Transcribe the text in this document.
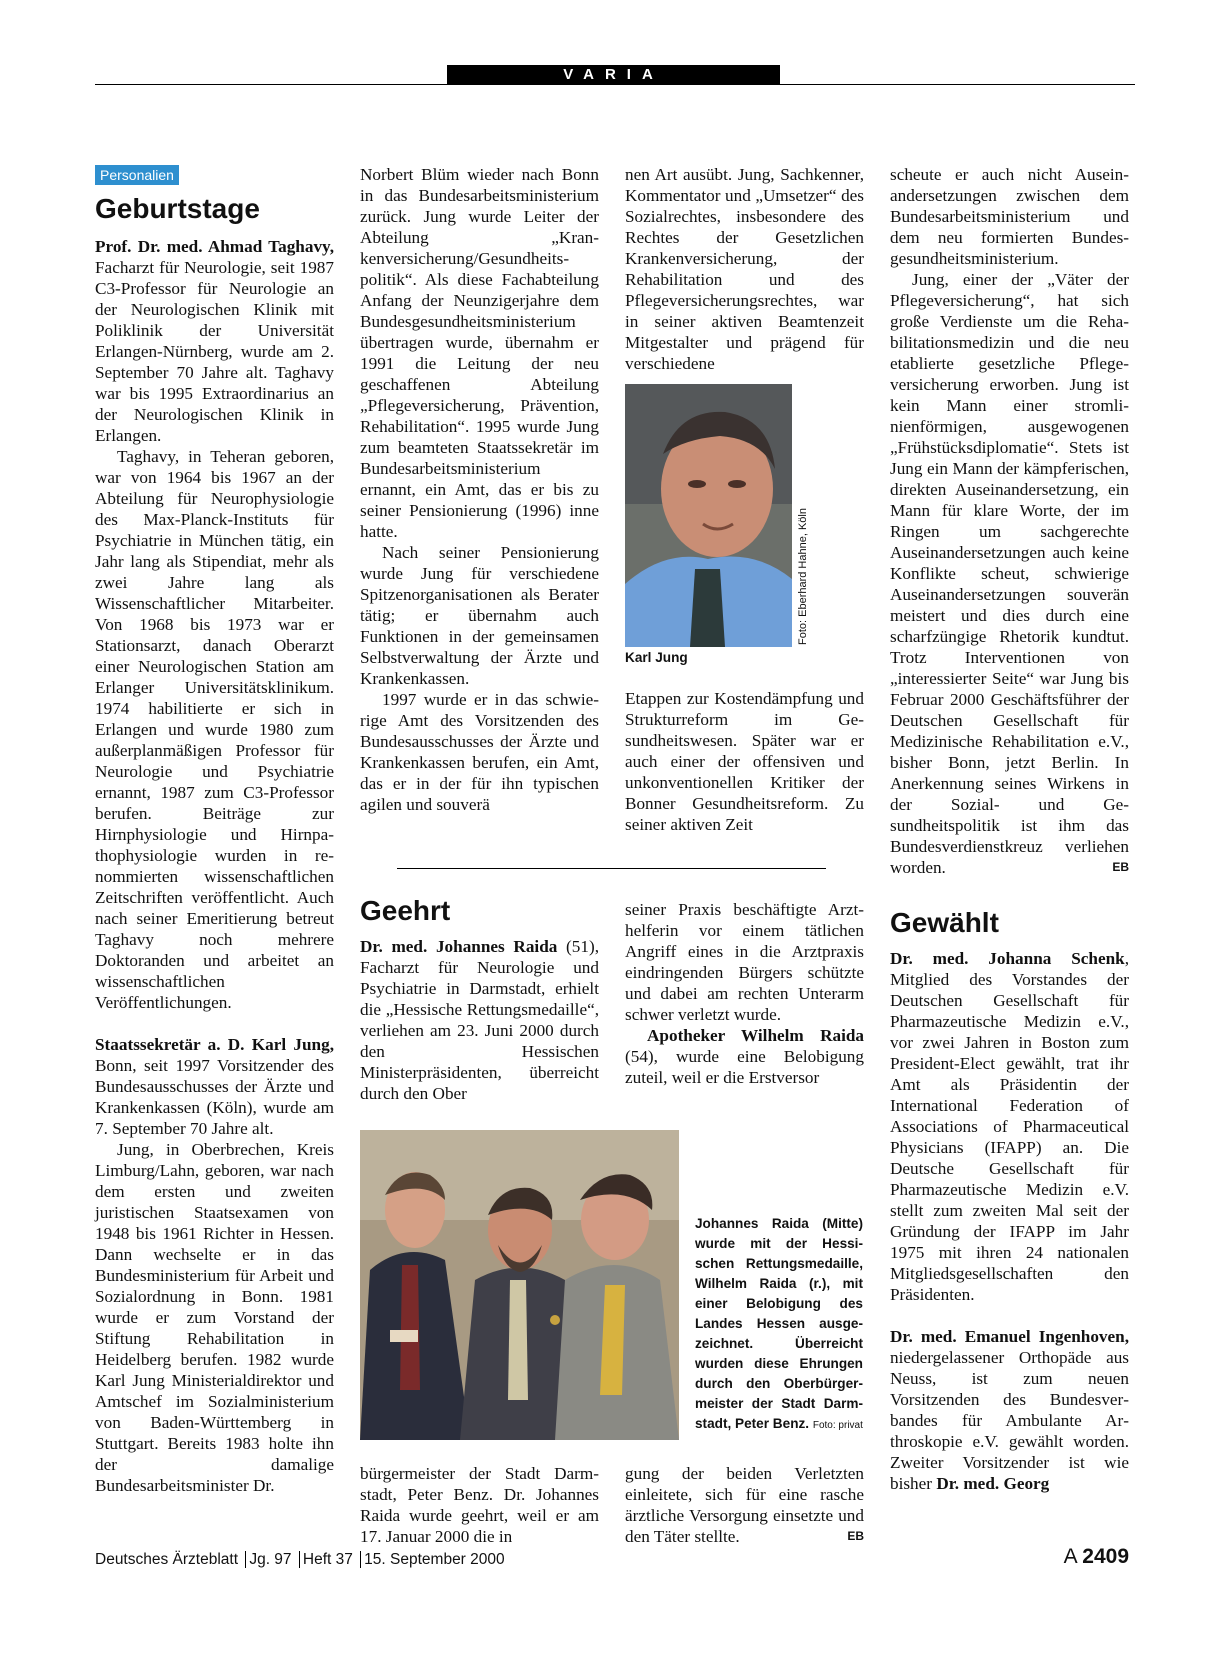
VARIA
Personalien
Geburtstage

Prof. Dr. med. Ahmad Taghavy, Facharzt für Neurologie, seit 1987 C3-Professor für Neurologie an der Neurologischen Klinik mit Poliklinik der Universität Erlangen-Nürnberg, wurde am 2. September 70 Jahre alt. Taghavy war bis 1995 Extraordinarius an der Neurologischen Klinik in Erlangen.

Taghavy, in Teheran geboren, war von 1964 bis 1967 an der Abteilung für Neurophysiologie des Max-Planck-Instituts für Psychiatrie in München tätig, ein Jahr lang als Stipendiat, mehr als zwei Jahre lang als Wissenschaftlicher Mitarbeiter. Von 1968 bis 1973 war er Stationsarzt, danach Oberarzt einer Neurologischen Station am Erlanger Universitätsklinikum. 1974 habilitierte er sich in Erlangen und wurde 1980 zum außerplanmäßigen Professor für Neurologie und Psychiatrie ernannt, 1987 zum C3-Professor berufen. Beiträge zur Hirnphysiologie und Hirnpathophysiologie wurden in renommierten wissenschaftlichen Zeitschriften veröffentlicht. Auch nach seiner Emeritierung betreut Taghavy noch mehrere Doktoranden und arbeitet an wissenschaftlichen Veröffentlichungen.

Staatssekretär a. D. Karl Jung, Bonn, seit 1997 Vorsitzender des Bundesausschusses der Ärzte und Krankenkassen (Köln), wurde am 7. September 70 Jahre alt.

Jung, in Oberbrechen, Kreis Limburg/Lahn, geboren, war nach dem ersten und zweiten juristischen Staatsexamen von 1948 bis 1961 Richter in Hessen. Dann wechselte er in das Bundesministerium für Arbeit und Sozialordnung in Bonn. 1981 wurde er zum Vorstand der Stiftung Rehabilitation in Heidelberg berufen. 1982 wurde Karl Jung Ministerialdirektor und Amtschef im Sozialministerium von Baden-Württemberg in Stuttgart. Bereits 1983 holte ihn der damalige Bundesarbeitsminister Dr.

Norbert Blüm wieder nach Bonn in das Bundesarbeitsministerium zurück. Jung wurde Leiter der Abteilung „Krankenversicherung/Gesundheitspolitik“. Als diese Fachabteilung Anfang der Neunzigerjahre dem Bundesgesundheitsministerium übertragen wurde, übernahm er 1991 die Leitung der neu geschaffenen Abteilung „Pflegeversicherung, Prävention, Rehabilitation“. 1995 wurde Jung zum beamteten Staatssekretär im Bundesarbeitsministerium ernannt, ein Amt, das er bis zu seiner Pensionierung (1996) inne hatte.

Nach seiner Pensionierung wurde Jung für verschiedene Spitzenorganisationen als Berater tätig; er übernahm auch Funktionen in der gemeinsamen Selbstverwaltung der Ärzte und Krankenkassen.

1997 wurde er in das schwierige Amt des Vorsitzenden des Bundesausschusses der Ärzte und Krankenkassen berufen, ein Amt, das er in der für ihn typischen agilen und souverä

nen Art ausübt. Jung, Sachkenner, Kommentator und „Umsetzer“ des Sozialrechtes, insbesondere des Rechtes der Gesetzlichen Krankenversicherung, der Rehabilitation und des Pflegeversicherungsrechtes, war in seiner aktiven Beamtenzeit Mitgestalter und prägend für verschiedene

Foto: Eberhard Hahne, Köln
Karl Jung

Etappen zur Kostendämpfung und Strukturreform im Gesundheitswesen. Später war er auch einer der offensiven und unkonventionellen Kritiker der Bonner Gesundheitsreform. Zu seiner aktiven Zeit

scheute er auch nicht Auseinandersetzungen zwischen dem Bundesarbeitsministerium und dem neu formierten Bundesgesundheitsministerium.

Jung, einer der „Väter der Pflegeversicherung“, hat sich große Verdienste um die Rehabilitationsmedizin und die neu etablierte gesetzliche Pflegeversicherung erworben. Jung ist kein Mann einer stromlinienförmigen, ausgewogenen „Frühstücksdiplomatie“. Stets ist Jung ein Mann der kämpferischen, direkten Auseinandersetzung, ein Mann für klare Worte, der im Ringen um sachgerechte Auseinandersetzungen auch keine Konflikte scheut, schwierige Auseinandersetzungen souverän meistert und dies durch eine scharfzüngige Rhetorik kundtut. Trotz Interventionen von „interessierter Seite“ war Jung bis Februar 2000 Geschäftsführer der Deutschen Gesellschaft für Medizinische Rehabilitation e.V., bisher Bonn, jetzt Berlin. In Anerkennung seines Wirkens in der Sozial- und Gesundheitspolitik ist ihm das Bundesverdienstkreuz verliehen worden.	EB

Gewählt

Dr. med. Johanna Schenk, Mitglied des Vorstandes der Deutschen Gesellschaft für Pharmazeutische Medizin e.V., vor zwei Jahren in Boston zum President-Elect gewählt, trat ihr Amt als Präsidentin der International Federation of Associations of Pharmaceutical Physicians (IFAPP) an. Die Deutsche Gesellschaft für Pharmazeutische Medizin e.V. stellt zum zweiten Mal seit der Gründung der IFAPP im Jahr 1975 mit ihren 24 nationalen Mitgliedsgesellschaften den Präsidenten.

Dr. med. Emanuel Ingenhoven, niedergelassener Orthopäde aus Neuss, ist zum neuen Vorsitzenden des Bundesverbandes für Ambulante Arthroskopie e.V. gewählt worden. Zweiter Vorsitzender ist wie bisher Dr. med. Georg

Geehrt

Dr. med. Johannes Raida (51), Facharzt für Neurologie und Psychiatrie in Darmstadt, erhielt die „Hessische Rettungsmedaille“, verliehen am 23. Juni 2000 durch den Hessischen Ministerpräsidenten, überreicht durch den Ober

seiner Praxis beschäftigte Arzthelferin vor einem tätlichen Angriff eines in die Arztpraxis eindringenden Bürgers schützte und dabei am rechten Unterarm schwer verletzt wurde.

Apotheker Wilhelm Raida (54), wurde eine Belobigung zuteil, weil er die Erstversor

Johannes Raida (Mitte) wurde mit der Hessischen Rettungsmedaille, Wilhelm Raida (r.), mit einer Belobigung des Landes Hessen ausgezeichnet. Überreicht wurden diese Ehrungen durch den Oberbürgermeister der Stadt Darmstadt, Peter Benz. Foto: privat

bürgermeister der Stadt Darmstadt, Peter Benz. Dr. Johannes Raida wurde geehrt, weil er am 17. Januar 2000 die in

gung der beiden Verletzten einleitete, sich für eine rasche ärztliche Versorgung einsetzte und den Täter stellte.	EB

Deutsches Ärzteblatt Jg. 97 Heft 37 15. September 2000	A 2409
